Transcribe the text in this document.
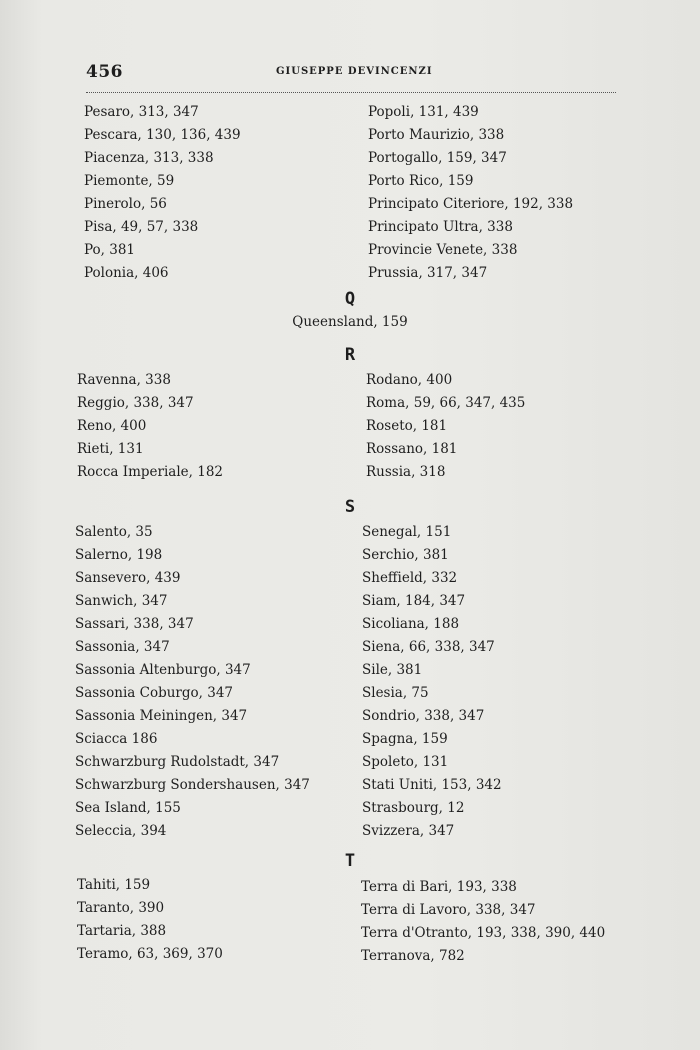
456	GIUSEPPE DEVINCENZI
Pesaro, 313, 347
Pescara, 130, 136, 439
Piacenza, 313, 338
Piemonte, 59
Pinerolo, 56
Pisa, 49, 57, 338
Po, 381
Polonia, 406
Popoli, 131, 439
Porto Maurizio, 338
Portogallo, 159, 347
Porto Rico, 159
Principato Citeriore, 192, 338
Principato Ultra, 338
Provincie Venete, 338
Prussia, 317, 347
Q
Queensland, 159
R
Ravenna, 338
Reggio, 338, 347
Reno, 400
Rieti, 131
Rocca Imperiale, 182
Rodano, 400
Roma, 59, 66, 347, 435
Roseto, 181
Rossano, 181
Russia, 318
S
Salento, 35
Salerno, 198
Sansevero, 439
Sanwich, 347
Sassari, 338, 347
Sassonia, 347
Sassonia Altenburgo, 347
Sassonia Coburgo, 347
Sassonia Meiningen, 347
Sciacca 186
Schwarzburg Rudolstadt, 347
Schwarzburg Sondershausen, 347
Sea Island, 155
Seleccia, 394
Senegal, 151
Serchio, 381
Sheffield, 332
Siam, 184, 347
Sicoliana, 188
Siena, 66, 338, 347
Sile, 381
Slesia, 75
Sondrio, 338, 347
Spagna, 159
Spoleto, 131
Stati Uniti, 153, 342
Strasbourg, 12
Svizzera, 347
T
Tahiti, 159
Taranto, 390
Tartaria, 388
Teramo, 63, 369, 370
Terra di Bari, 193, 338
Terra di Lavoro, 338, 347
Terra d'Otranto, 193, 338, 390, 440
Terranova, 782
